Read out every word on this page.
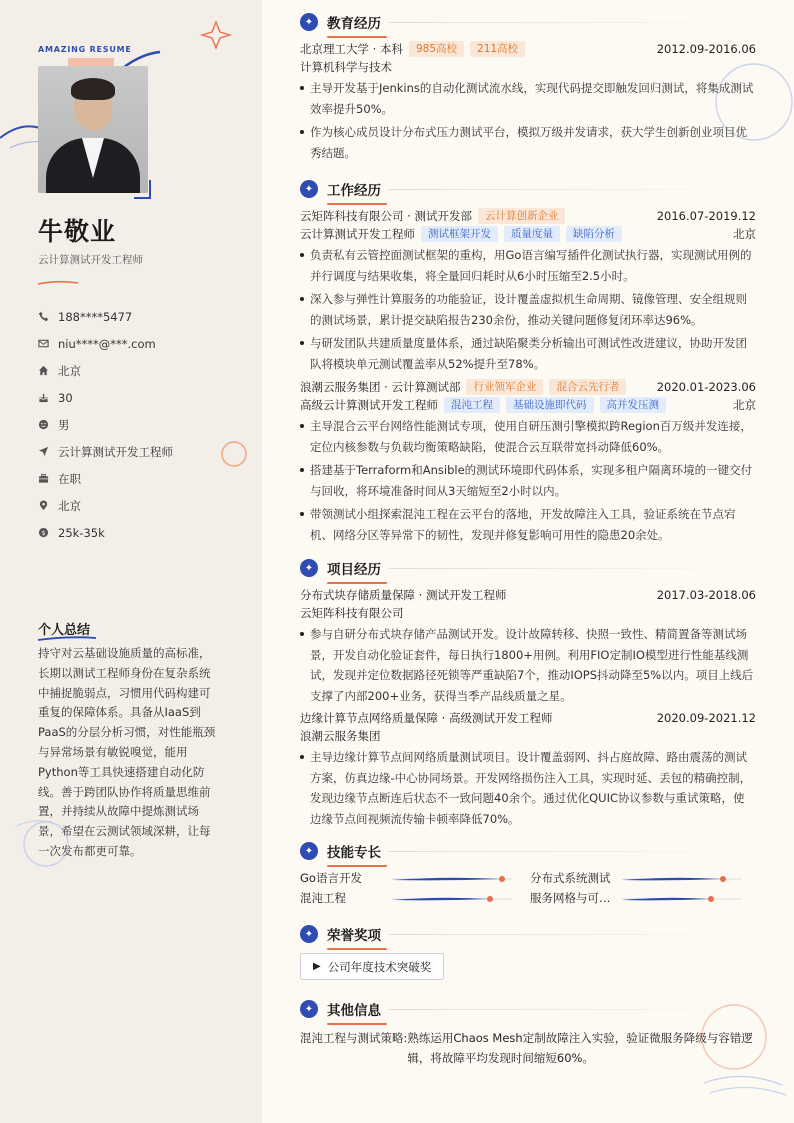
AMAZING RESUME
牛敬业
云计算测试开发工程师
188****5477
niu****@***.com
北京
30
男
云计算测试开发工程师
在职
北京
$ 25k-35k
个人总结
持守对云基础设施质量的高标准，长期以测试工程师身份在复杂系统中捕捉脆弱点，习惯用代码构建可重复的保障体系。具备从IaaS到PaaS的分层分析习惯，对性能瓶颈与异常场景有敏锐嗅觉，能用Python等工具快速搭建自动化防线。善于跨团队协作将质量思维前置，并持续从故障中提炼测试场景，希望在云测试领域深耕，让每一次发布都更可靠。
✦	教育经历
北京理工大学 · 本科	985高校	211高校	2012.09-2016.06
计算机科学与技术
主导开发基于Jenkins的自动化测试流水线，实现代码提交即触发回归测试，将集成测试效率提升50%。
作为核心成员设计分布式压力测试平台，模拟万级并发请求，获大学生创新创业项目优秀结题。
✦	工作经历
云矩阵科技有限公司 · 测试开发部	云计算创新企业	2016.07-2019.12
云计算测试开发工程师	测试框架开发	质量度量	缺陷分析	北京
负责私有云管控面测试框架的重构，用Go语言编写插件化测试执行器，实现测试用例的并行调度与结果收集，将全量回归耗时从6小时压缩至2.5小时。
深入参与弹性计算服务的功能验证，设计覆盖虚拟机生命周期、镜像管理、安全组规则的测试场景，累计提交缺陷报告230余份，推动关键问题修复闭环率达96%。
与研发团队共建质量度量体系，通过缺陷聚类分析输出可测试性改进建议，协助开发团队将模块单元测试覆盖率从52%提升至78%。
浪潮云服务集团 · 云计算测试部	行业领军企业	混合云先行者	2020.01-2023.06
高级云计算测试开发工程师	混沌工程	基础设施即代码	高并发压测	北京
主导混合云平台网络性能测试专项，使用自研压测引擎模拟跨Region百万级并发连接，定位内核参数与负载均衡策略缺陷，使混合云互联带宽抖动降低60%。
搭建基于Terraform和Ansible的测试环境即代码体系，实现多租户隔离环境的一键交付与回收，将环境准备时间从3天缩短至2小时以内。
带领测试小组探索混沌工程在云平台的落地，开发故障注入工具，验证系统在节点宕机、网络分区等异常下的韧性，发现并修复影响可用性的隐患20余处。
✦	项目经历
分布式块存储质量保障 · 测试开发工程师	2017.03-2018.06
云矩阵科技有限公司
参与自研分布式块存储产品测试开发。设计故障转移、快照一致性、精简置备等测试场景，开发自动化验证套件，每日执行1800+用例。利用FIO定制IO模型进行性能基线测试，发现并定位数据路径死锁等严重缺陷7个，推动IOPS抖动降至5%以内。项目上线后支撑了内部200+业务，获得当季产品线质量之星。
边缘计算节点网络质量保障 · 高级测试开发工程师	2020.09-2021.12
浪潮云服务集团
主导边缘计算节点间网络质量测试项目。设计覆盖弱网、抖占庭故障、路由震荡的测试方案，仿真边缘-中心协同场景。开发网络损伤注入工具，实现时延、丢包的精确控制，发现边缘节点断连后状态不一致问题40余个。通过优化QUIC协议参数与重试策略，使边缘节点间视频流传输卡顿率降低70%。
✦	技能专长
Go语言开发	分布式系统测试
混沌工程	服务网格与可…
✦	荣誉奖项
▶ 公司年度技术突破奖
✦	其他信息
混沌工程与测试策略: 熟练运用Chaos Mesh定制故障注入实验，验证微服务降级与容错逻辑，将故障平均发现时间缩短60%。
